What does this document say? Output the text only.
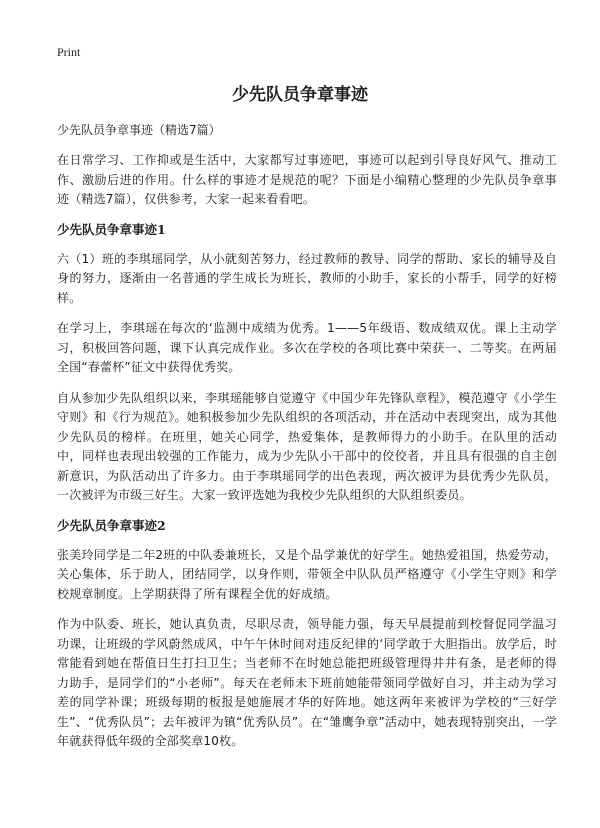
Print
少先队员争章事迹

少先队员争章事迹（精选7篇）

在日常学习、工作抑或是生活中，大家都写过事迹吧，事迹可以起到引导良好风气、推动工作、激励后进的作用。什么样的事迹才是规范的呢？下面是小编精心整理的少先队员争章事迹（精选7篇），仅供参考，大家一起来看看吧。

少先队员争章事迹1

六（1）班的李琪瑶同学，从小就刻苦努力，经过教师的教导、同学的帮助、家长的辅导及自身的努力，逐渐由一名普通的学生成长为班长，教师的小助手，家长的小帮手，同学的好榜样。

在学习上，李琪瑶在每次的‘监测中成绩为优秀。1——5年级语、数成绩双优。课上主动学习，积极回答问题，课下认真完成作业。多次在学校的各项比赛中荣获一、二等奖。在两届全国“春蕾杯”征文中获得优秀奖。

自从参加少先队组织以来，李琪瑶能够自觉遵守《中国少年先锋队章程》，模范遵守《小学生守则》和《行为规范》。她积极参加少先队组织的各项活动，并在活动中表现突出，成为其他少先队员的榜样。在班里，她关心同学，热爱集体，是教师得力的小助手。在队里的活动中，同样也表现出较强的工作能力，成为少先队小干部中的佼佼者，并且具有很强的自主创新意识，为队活动出了许多力。由于李琪瑶同学的出色表现，两次被评为县优秀少先队员，一次被评为市级三好生。大家一致评选她为我校少先队组织的大队组织委员。

少先队员争章事迹2

张美玲同学是二年2班的中队委兼班长，又是个品学兼优的好学生。她热爱祖国，热爱劳动，关心集体，乐于助人，团结同学，以身作则，带领全中队队员严格遵守《小学生守则》和学校规章制度。上学期获得了所有课程全优的好成绩。

作为中队委、班长，她认真负责，尽职尽责，领导能力强，每天早晨提前到校督促同学温习功课，让班级的学风蔚然成风，中午午休时间对违反纪律的‘同学敢于大胆指出。放学后，时常能看到她在帮值日生打扫卫生；当老师不在时她总能把班级管理得井井有条，是老师的得力助手，是同学们的“小老师”。每天在老师未下班前她能带领同学做好自习，并主动为学习差的同学补课；班级每期的板报是她施展才华的好阵地。她这两年来被评为学校的“三好学生”、“优秀队员”；去年被评为镇“优秀队员”。在“雏鹰争章”活动中，她表现特别突出，一学年就获得低年级的全部奖章10枚。
